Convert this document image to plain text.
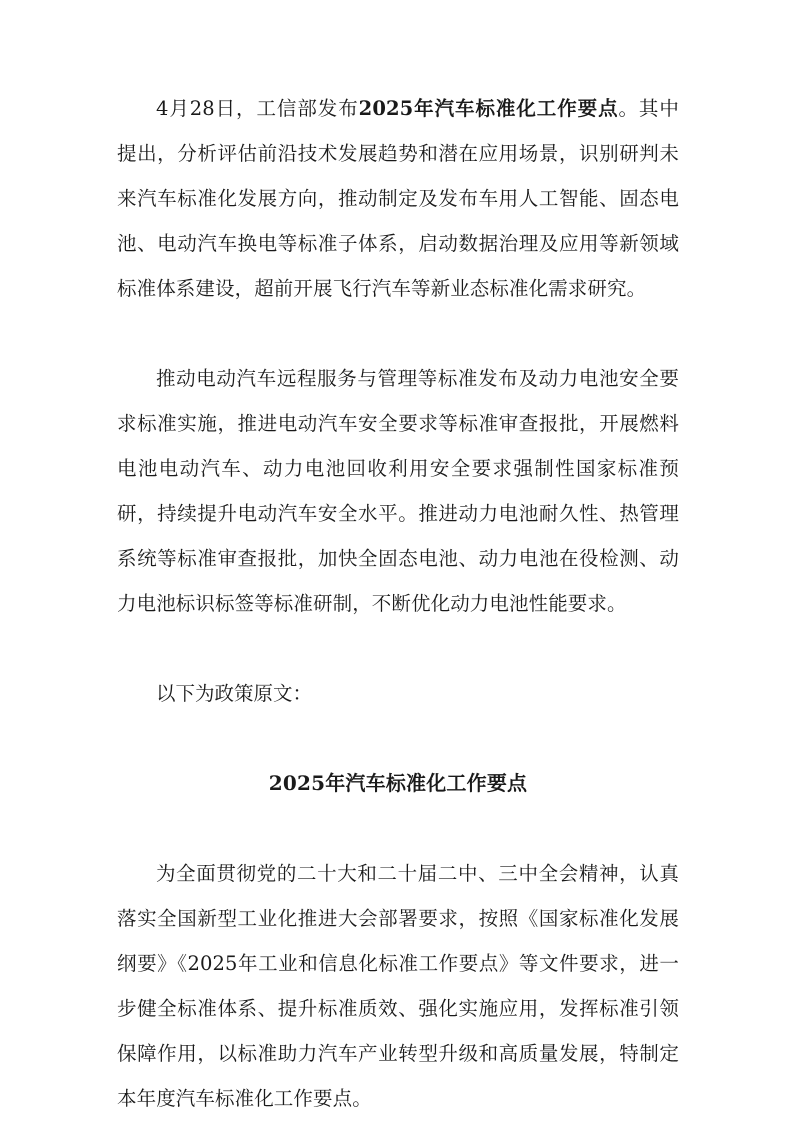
4月28日，工信部发布2025年汽车标准化工作要点。其中提出，分析评估前沿技术发展趋势和潜在应用场景，识别研判未来汽车标准化发展方向，推动制定及发布车用人工智能、固态电池、电动汽车换电等标准子体系，启动数据治理及应用等新领域标准体系建设，超前开展飞行汽车等新业态标准化需求研究。

推动电动汽车远程服务与管理等标准发布及动力电池安全要求标准实施，推进电动汽车安全要求等标准审查报批，开展燃料电池电动汽车、动力电池回收利用安全要求强制性国家标准预研，持续提升电动汽车安全水平。推进动力电池耐久性、热管理系统等标准审查报批，加快全固态电池、动力电池在役检测、动力电池标识标签等标准研制，不断优化动力电池性能要求。

以下为政策原文：

2025年汽车标准化工作要点

为全面贯彻党的二十大和二十届二中、三中全会精神，认真落实全国新型工业化推进大会部署要求，按照《国家标准化发展纲要》《2025年工业和信息化标准工作要点》等文件要求，进一步健全标准体系、提升标准质效、强化实施应用，发挥标准引领保障作用，以标准助力汽车产业转型升级和高质量发展，特制定本年度汽车标准化工作要点。
